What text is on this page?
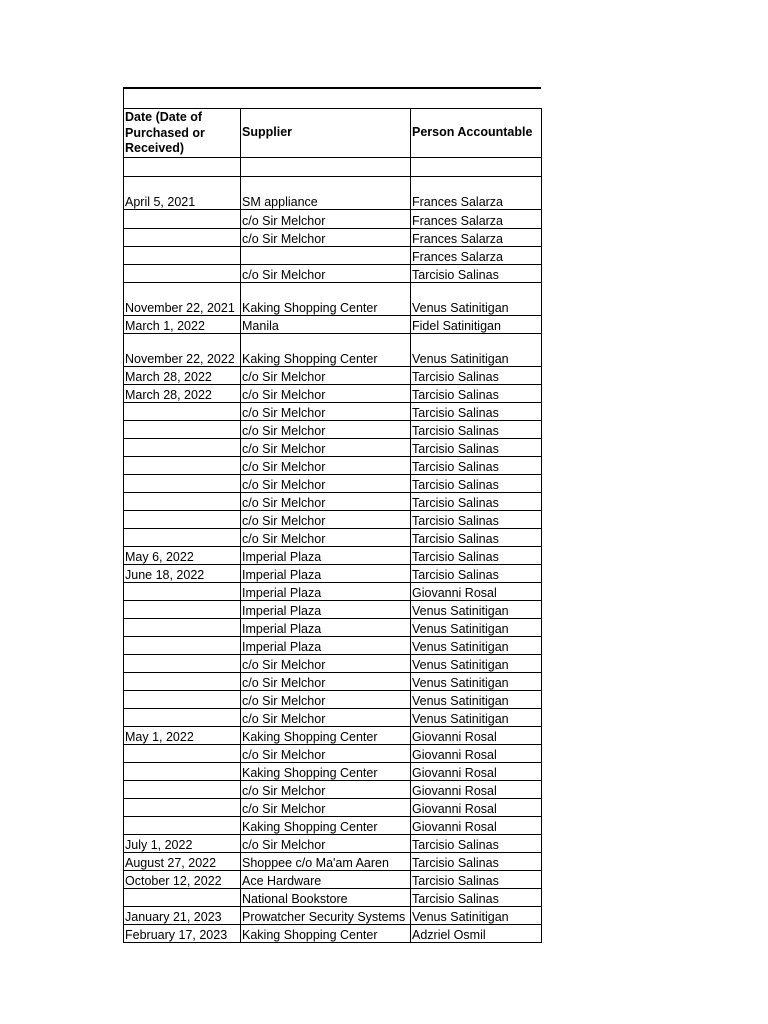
Date (Date of Purchased or Received)	Supplier	Person Accountable

April 5, 2021	SM appliance	Frances Salarza
	c/o Sir Melchor	Frances Salarza
	c/o Sir Melchor	Frances Salarza
		Frances Salarza
	c/o Sir Melchor	Tarcisio Salinas
November 22, 2021	Kaking Shopping Center	Venus Satinitigan
March 1, 2022	Manila	Fidel Satinitigan
November 22, 2022	Kaking Shopping Center	Venus Satinitigan
March 28, 2022	c/o Sir Melchor	Tarcisio Salinas
March 28, 2022	c/o Sir Melchor	Tarcisio Salinas
	c/o Sir Melchor	Tarcisio Salinas
	c/o Sir Melchor	Tarcisio Salinas
	c/o Sir Melchor	Tarcisio Salinas
	c/o Sir Melchor	Tarcisio Salinas
	c/o Sir Melchor	Tarcisio Salinas
	c/o Sir Melchor	Tarcisio Salinas
	c/o Sir Melchor	Tarcisio Salinas
	c/o Sir Melchor	Tarcisio Salinas
May 6, 2022	Imperial Plaza	Tarcisio Salinas
June 18, 2022	Imperial Plaza	Tarcisio Salinas
	Imperial Plaza	Giovanni Rosal
	Imperial Plaza	Venus Satinitigan
	Imperial Plaza	Venus Satinitigan
	Imperial Plaza	Venus Satinitigan
	c/o Sir Melchor	Venus Satinitigan
	c/o Sir Melchor	Venus Satinitigan
	c/o Sir Melchor	Venus Satinitigan
	c/o Sir Melchor	Venus Satinitigan
May 1, 2022	Kaking Shopping Center	Giovanni Rosal
	c/o Sir Melchor	Giovanni Rosal
	Kaking Shopping Center	Giovanni Rosal
	c/o Sir Melchor	Giovanni Rosal
	c/o Sir Melchor	Giovanni Rosal
	Kaking Shopping Center	Giovanni Rosal
July 1, 2022	c/o Sir Melchor	Tarcisio Salinas
August 27, 2022	Shoppee c/o Ma'am Aaren	Tarcisio Salinas
October 12, 2022	Ace Hardware	Tarcisio Salinas
	National Bookstore	Tarcisio Salinas
January 21, 2023	Prowatcher Security Systems	Venus Satinitigan
February 17, 2023	Kaking Shopping Center	Adzriel Osmil
